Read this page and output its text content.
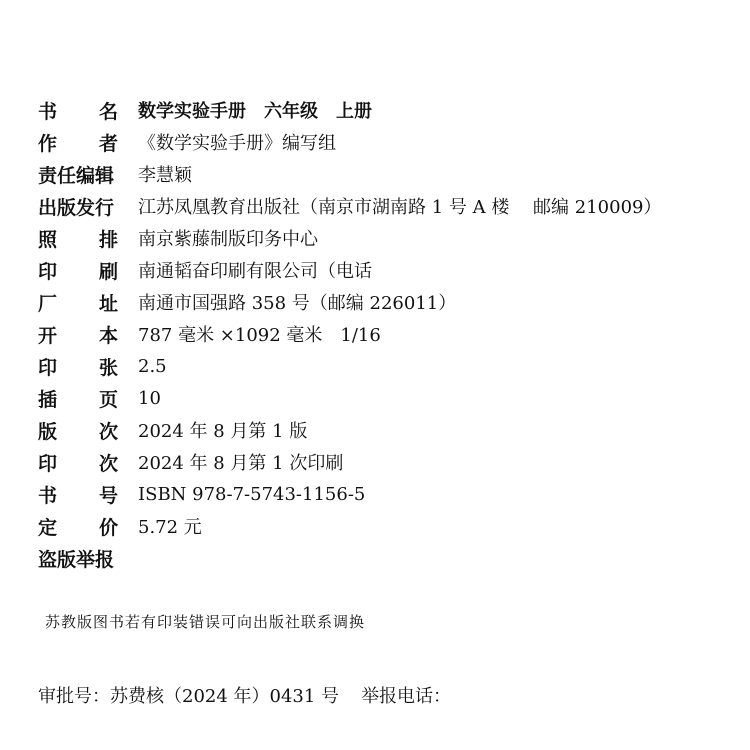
书 名 数学实验手册　六年级　上册
作 者 《数学实验手册》编写组
责任编辑 李慧颖
出版发行 江苏凤凰教育出版社（南京市湖南路 1 号 A 楼　 邮编 210009）
照 排 南京紫藤制版印务中心
印 刷 南通韬奋印刷有限公司（电话
厂 址 南通市国强路 358 号（邮编 226011）
开 本 787 毫米 ×1092 毫米　1/16
印 张 2.5
插 页 10
版 次 2024 年 8 月第 1 版
印 次 2024 年 8 月第 1 次印刷
书 号 ISBN 978-7-5743-1156-5
定 价 5.72 元
盗版举报
苏教版图书若有印装错误可向出版社联系调换
审批号：苏费核（2024 年）0431 号 举报电话：
